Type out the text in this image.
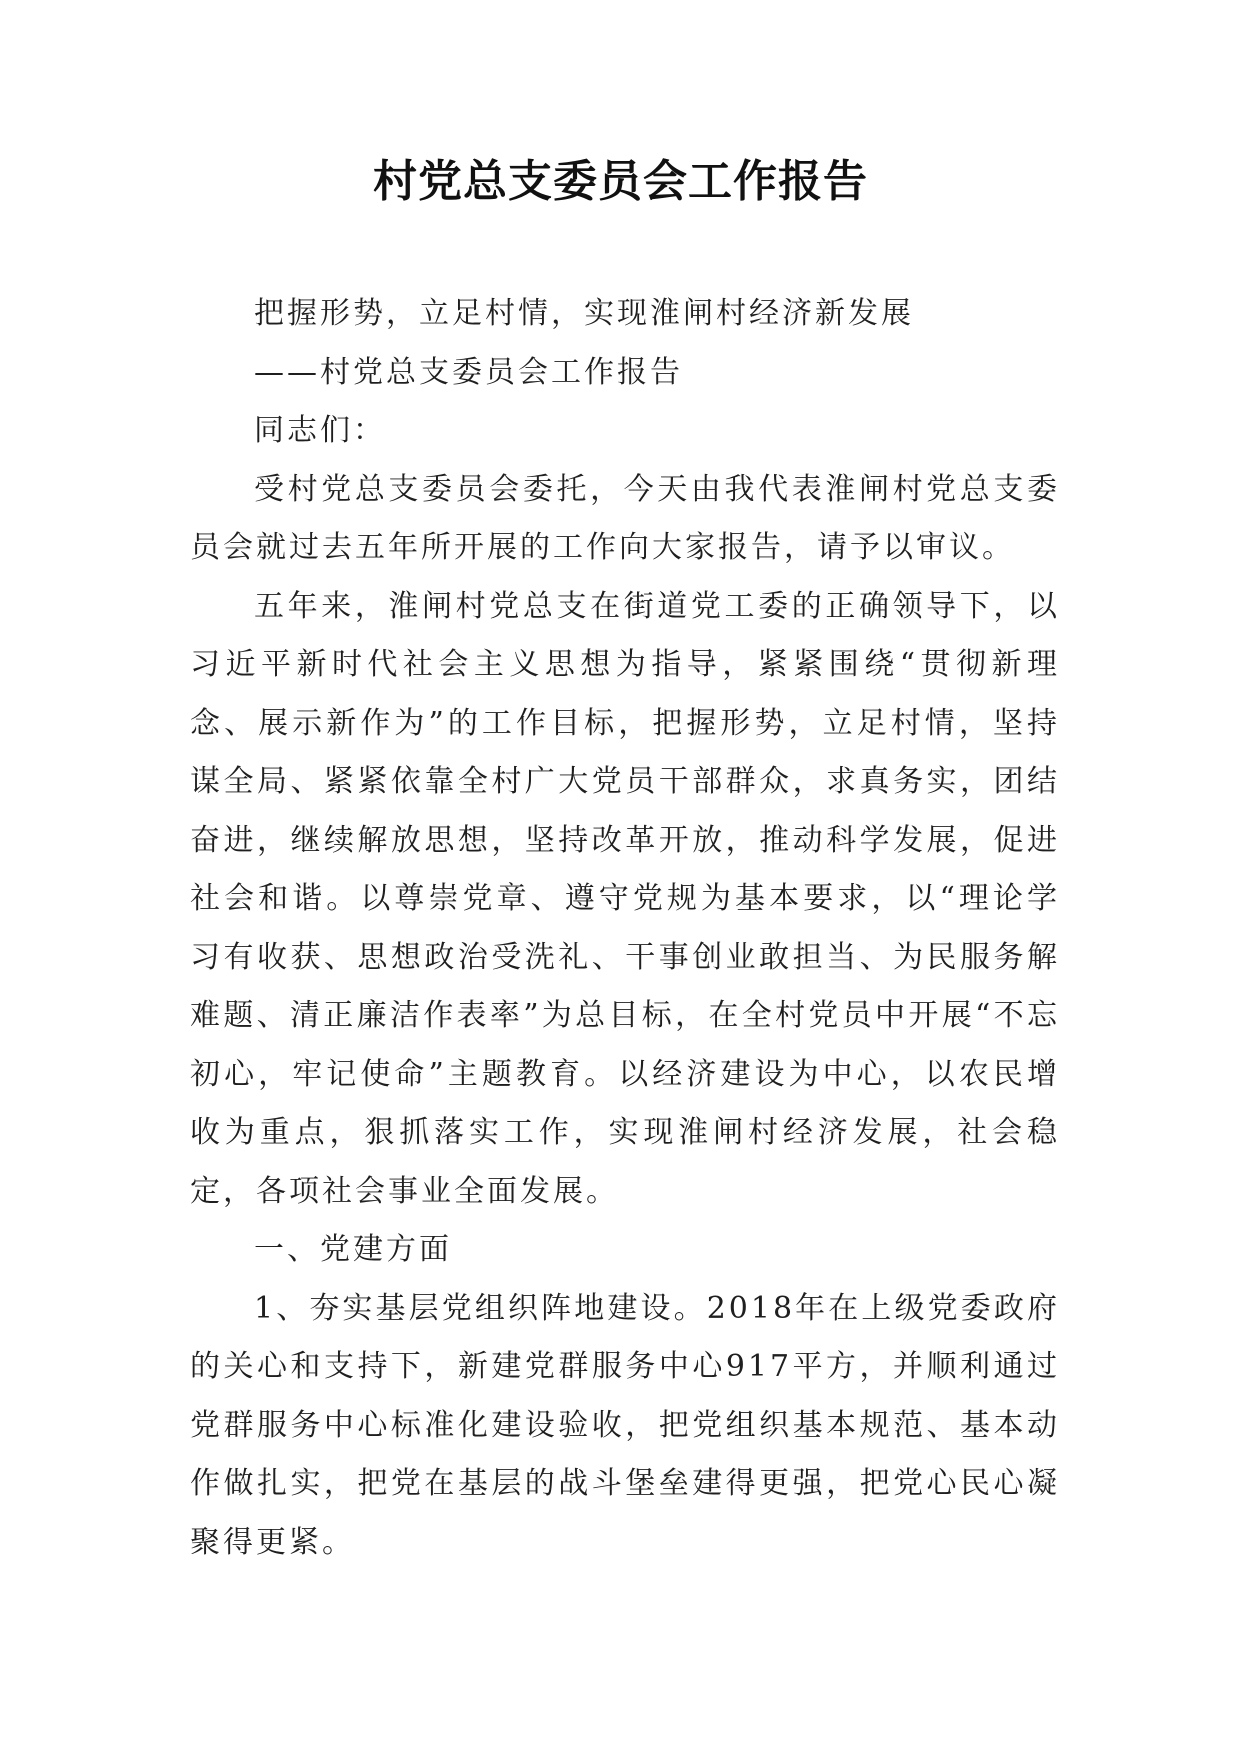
村党总支委员会工作报告

把握形势，立足村情，实现淮闸村经济新发展

——村党总支委员会工作报告

同志们：

受村党总支委员会委托，今天由我代表淮闸村党总支委员会就过去五年所开展的工作向大家报告，请予以审议。

五年来，淮闸村党总支在街道党工委的正确领导下，以习近平新时代社会主义思想为指导，紧紧围绕“贯彻新理念、展示新作为”的工作目标，把握形势，立足村情，坚持谋全局、紧紧依靠全村广大党员干部群众，求真务实，团结奋进，继续解放思想，坚持改革开放，推动科学发展，促进社会和谐。以尊崇党章、遵守党规为基本要求，以“理论学习有收获、思想政治受洗礼、干事创业敢担当、为民服务解难题、清正廉洁作表率”为总目标，在全村党员中开展“不忘初心，牢记使命”主题教育。以经济建设为中心，以农民增收为重点，狠抓落实工作，实现淮闸村经济发展，社会稳定，各项社会事业全面发展。

一、党建方面

1、夯实基层党组织阵地建设。2018年在上级党委政府的关心和支持下，新建党群服务中心917平方，并顺利通过党群服务中心标准化建设验收，把党组织基本规范、基本动作做扎实，把党在基层的战斗堡垒建得更强，把党心民心凝聚得更紧。
